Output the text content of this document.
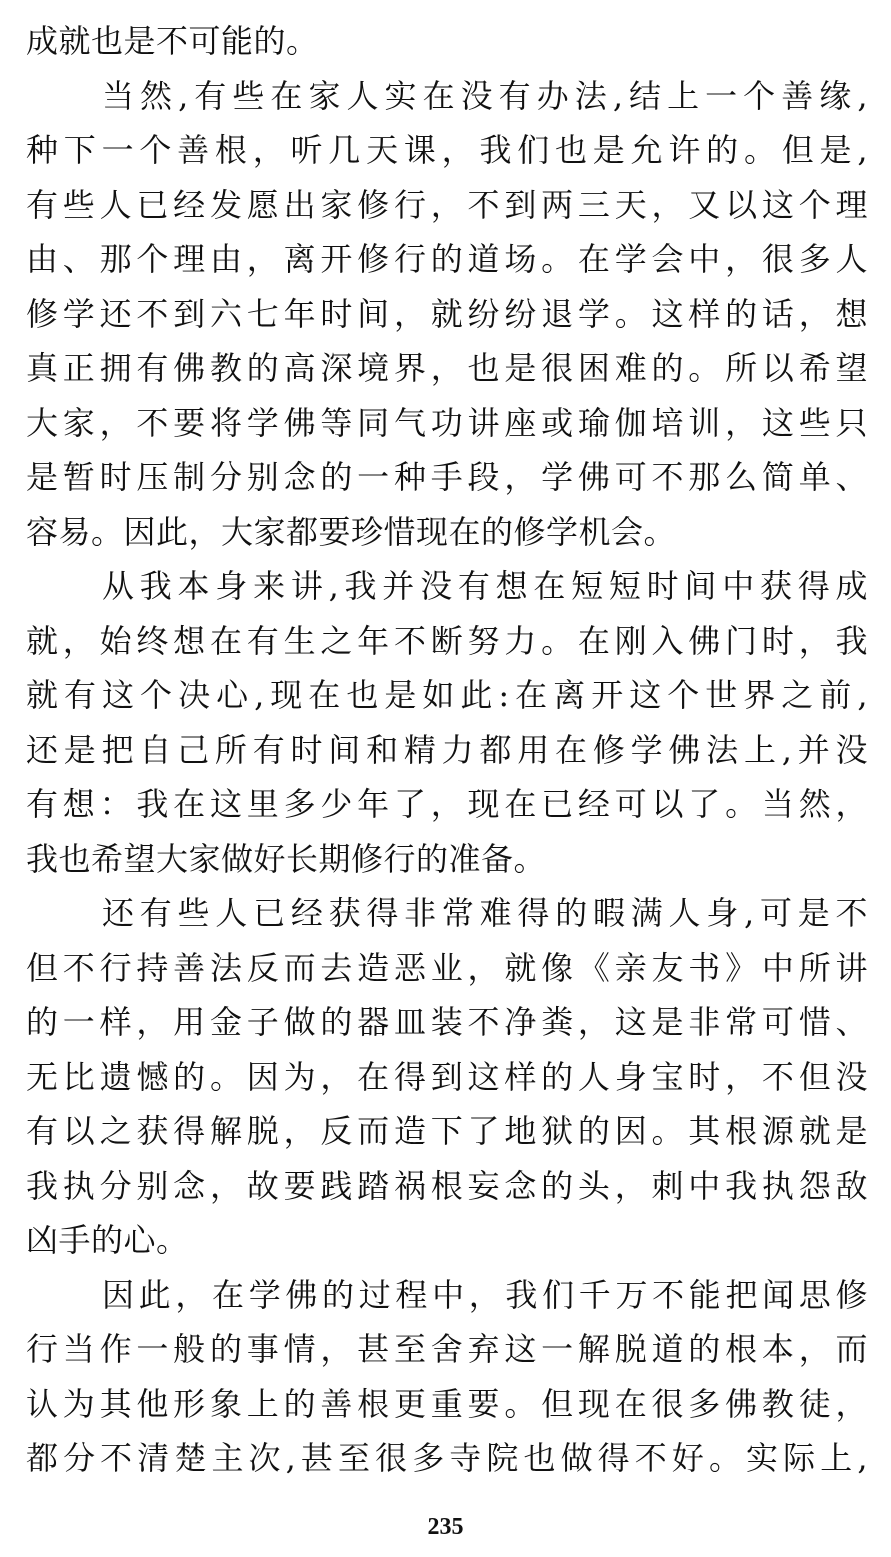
成就也是不可能的。
当然,有些在家人实在没有办法,结上一个善缘,
种下一个善根，听几天课，我们也是允许的。但是,
有些人已经发愿出家修行，不到两三天，又以这个理
由、那个理由，离开修行的道场。在学会中，很多人
修学还不到六七年时间，就纷纷退学。这样的话，想
真正拥有佛教的高深境界，也是很困难的。所以希望
大家，不要将学佛等同气功讲座或瑜伽培训，这些只
是暂时压制分别念的一种手段，学佛可不那么简单、
容易。因此，大家都要珍惜现在的修学机会。
从我本身来讲,我并没有想在短短时间中获得成
就，始终想在有生之年不断努力。在刚入佛门时，我
就有这个决心,现在也是如此:在离开这个世界之前,
还是把自己所有时间和精力都用在修学佛法上,并没
有想：我在这里多少年了，现在已经可以了。当然，
我也希望大家做好长期修行的准备。
还有些人已经获得非常难得的暇满人身,可是不
但不行持善法反而去造恶业，就像《亲友书》中所讲
的一样，用金子做的器皿装不净粪，这是非常可惜、
无比遗憾的。因为，在得到这样的人身宝时，不但没
有以之获得解脱，反而造下了地狱的因。其根源就是
我执分别念，故要践踏祸根妄念的头，刺中我执怨敌
凶手的心。
因此，在学佛的过程中，我们千万不能把闻思修
行当作一般的事情，甚至舍弃这一解脱道的根本，而
认为其他形象上的善根更重要。但现在很多佛教徒，
都分不清楚主次,甚至很多寺院也做得不好。实际上,
235
